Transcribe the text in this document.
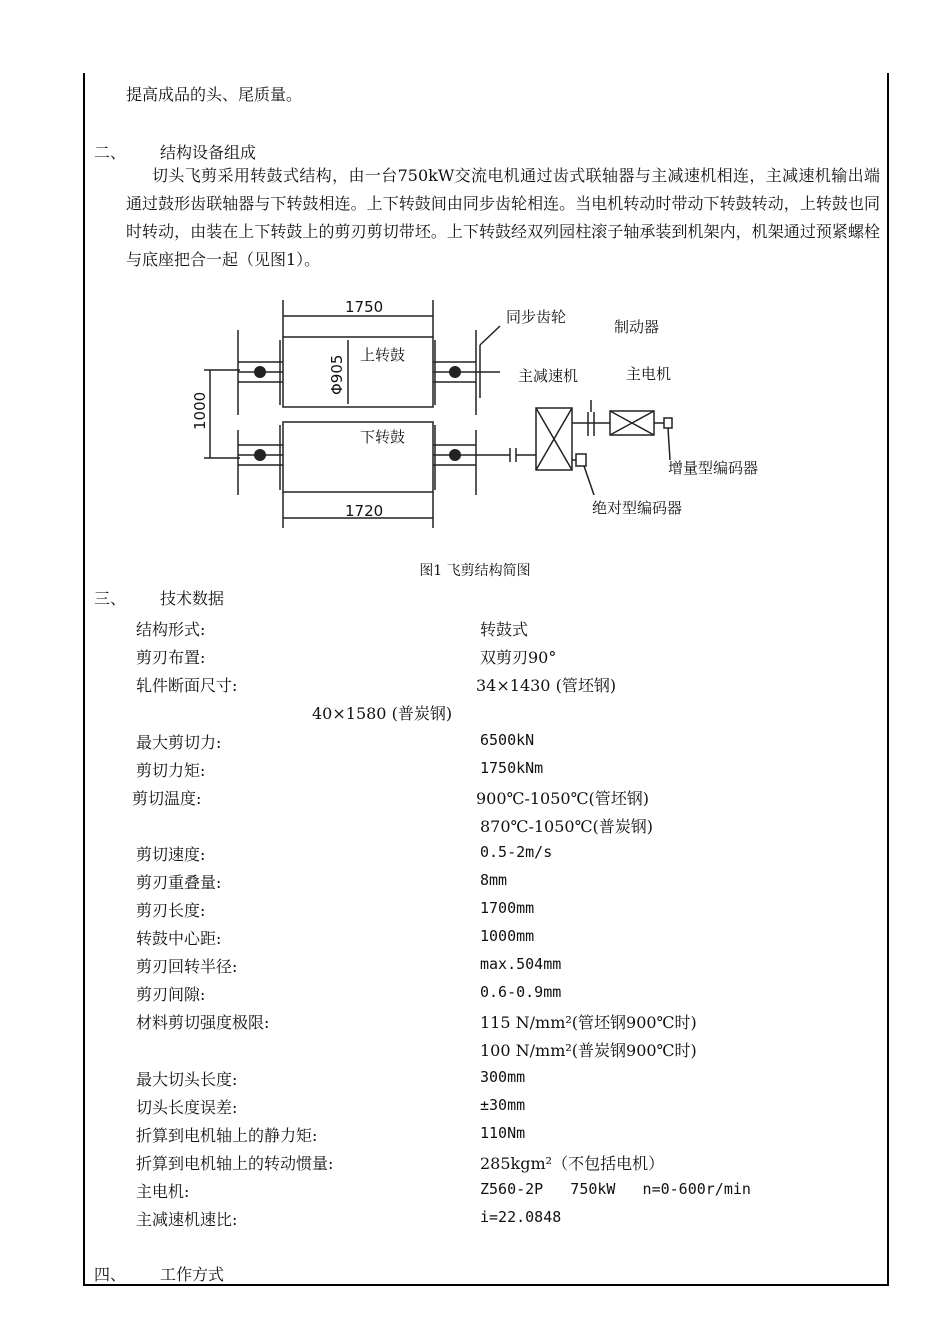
提高成品的头、尾质量。
二、 结构设备组成
切头飞剪采用转鼓式结构，由一台750kW交流电机通过齿式联轴器与主减速机相连，主减速机输出端通过鼓形齿联轴器与下转鼓相连。上下转鼓间由同步齿轮相连。当电机转动时带动下转鼓转动，上转鼓也同时转动，由装在上下转鼓上的剪刃剪切带坯。上下转鼓经双列园柱滚子轴承装到机架内，机架通过预紧螺栓与底座把合一起（见图1）。
1750
1720
1000
Φ905 上转鼓
下转鼓
同步齿轮
制动器
主减速机	主电机
增量型编码器
绝对型编码器
图1 飞剪结构简图
三、 技术数据
结构形式:	转鼓式
剪刃布置:	双剪刃90°
轧件断面尺寸:	34×1430 (管坯钢)
40×1580 (普炭钢)
最大剪切力:	6500kN
剪切力矩:	1750kNm
剪切温度:	900℃-1050℃(管坯钢)
870℃-1050℃(普炭钢)
剪切速度:	0.5-2m/s
剪刃重叠量:	8mm
剪刃长度:	1700mm
转鼓中心距:	1000mm
剪刃回转半径:	max.504mm
剪刃间隙:	0.6-0.9mm
材料剪切强度极限:	115 N/mm²(管坯钢900℃时)
100 N/mm²(普炭钢900℃时)
最大切头长度:	300mm
切头长度误差:	±30mm
折算到电机轴上的静力矩:	110Nm
折算到电机轴上的转动惯量:	285kgm²（不包括电机）
主电机:	Z560-2P   750kW   n=0-600r/min
主减速机速比:	i=22.0848
四、 工作方式
